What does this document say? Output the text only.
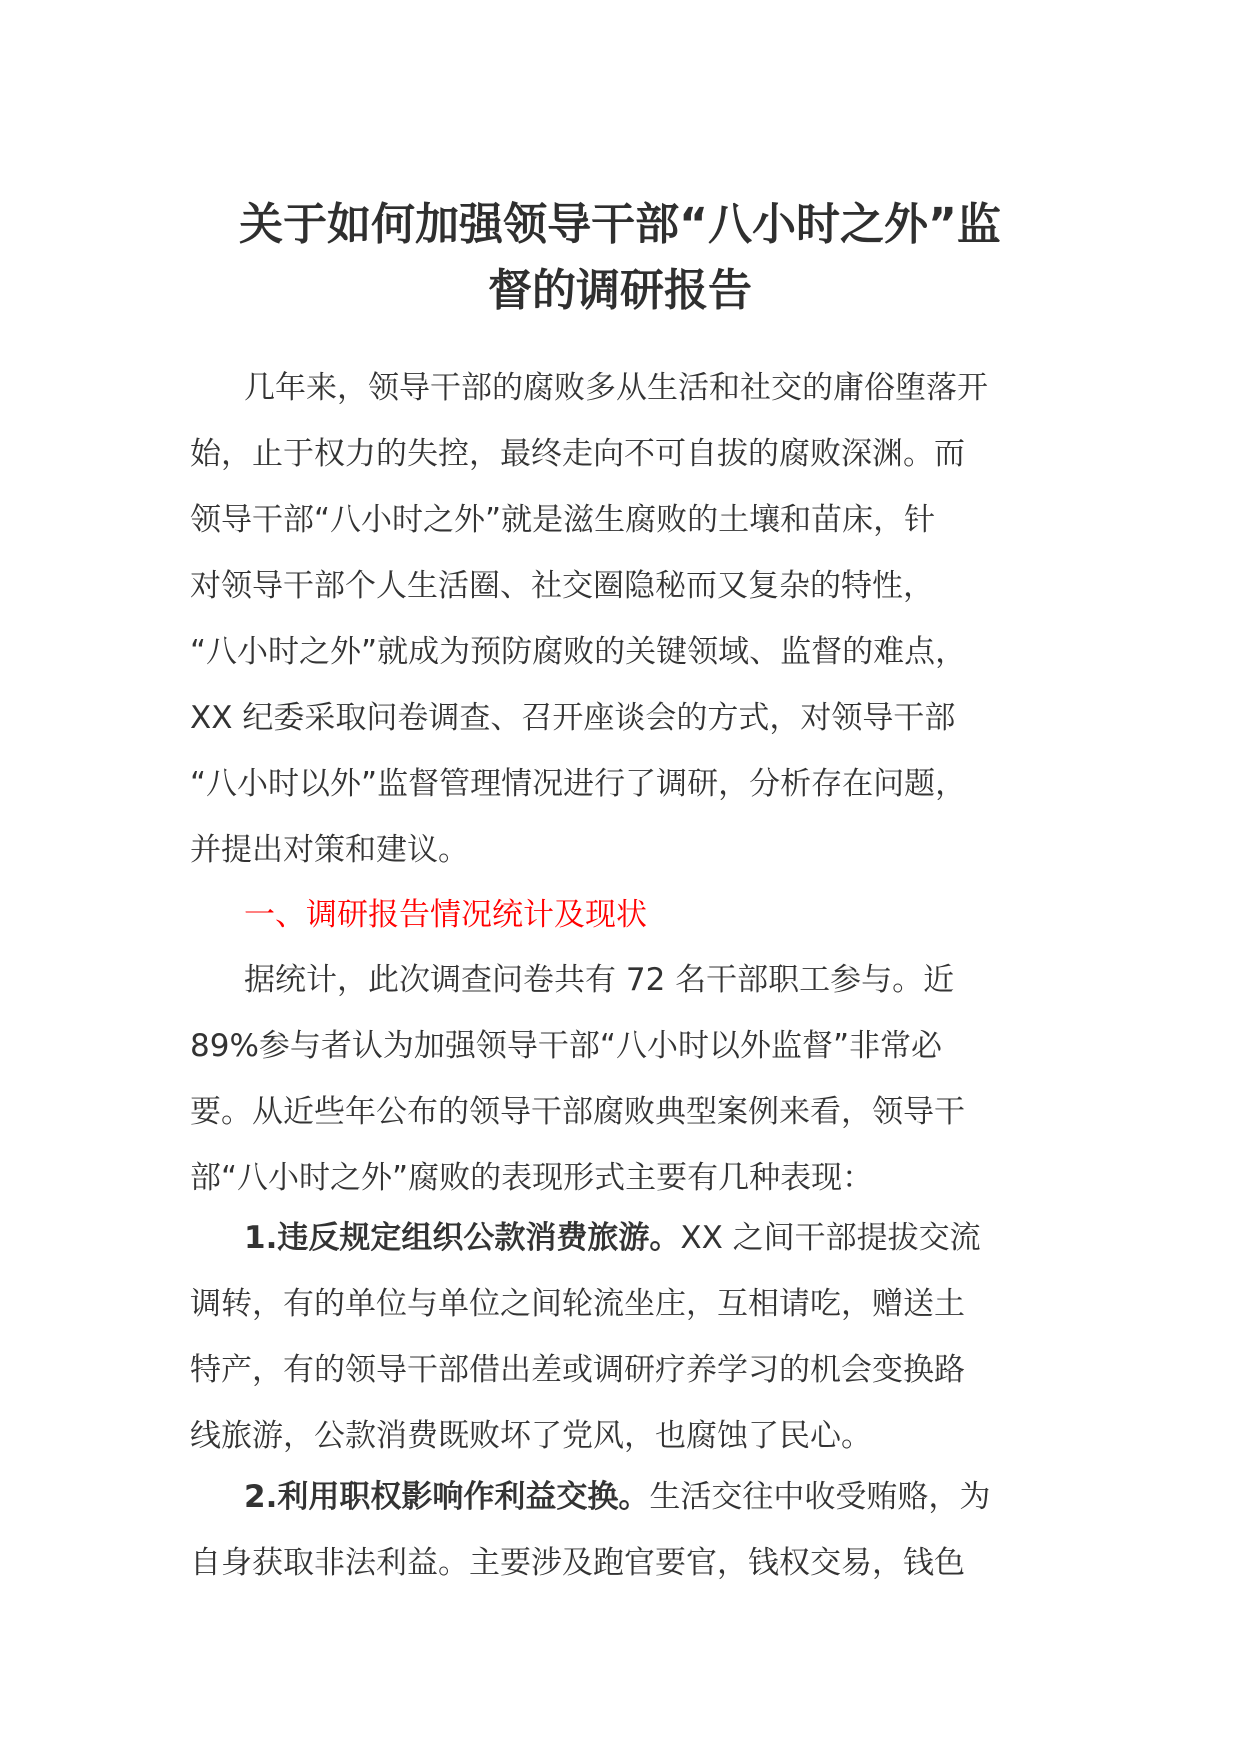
关于如何加强领导干部“八小时之外”监
督的调研报告
几年来，领导干部的腐败多从生活和社交的庸俗堕落开
始，止于权力的失控，最终走向不可自拔的腐败深渊。而
领导干部“八小时之外”就是滋生腐败的土壤和苗床，针
对领导干部个人生活圈、社交圈隐秘而又复杂的特性，
“八小时之外”就成为预防腐败的关键领域、监督的难点，
XX 纪委采取问卷调查、召开座谈会的方式，对领导干部
“八小时以外”监督管理情况进行了调研，分析存在问题，
并提出对策和建议。
一、调研报告情况统计及现状
据统计，此次调查问卷共有 72 名干部职工参与。近
89%参与者认为加强领导干部“八小时以外监督”非常必
要。从近些年公布的领导干部腐败典型案例来看，领导干
部“八小时之外”腐败的表现形式主要有几种表现：
1.违反规定组织公款消费旅游。XX 之间干部提拔交流
调转，有的单位与单位之间轮流坐庄，互相请吃，赠送土
特产，有的领导干部借出差或调研疗养学习的机会变换路
线旅游，公款消费既败坏了党风，也腐蚀了民心。
2.利用职权影响作利益交换。生活交往中收受贿赂，为
自身获取非法利益。主要涉及跑官要官，钱权交易，钱色
